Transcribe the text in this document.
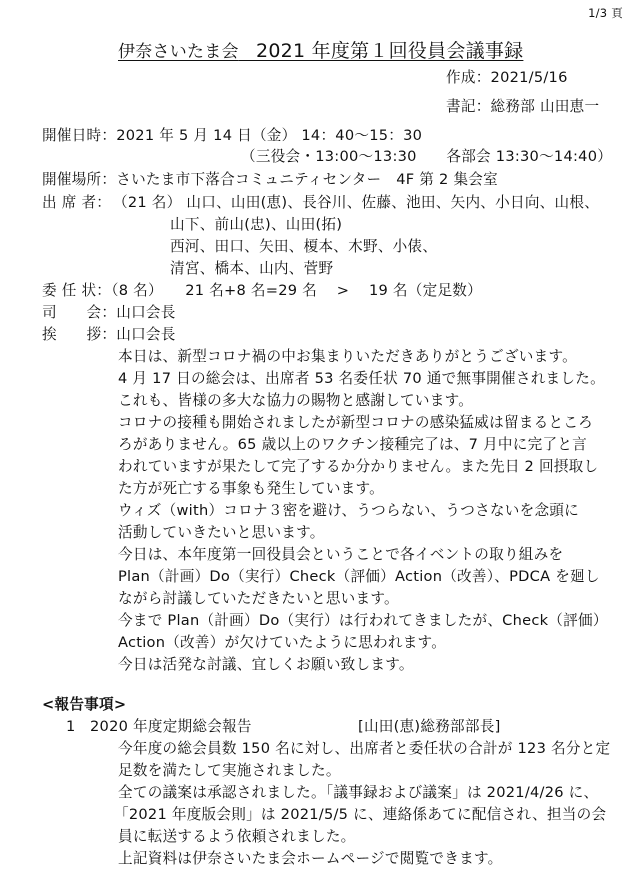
1/3 頁
伊奈さいたま会　 2021 年度第１回役員会議事録
作成：2021/5/16
書記：総務部 山田恵一
開催日時：2021 年 5 月 14 日（金） 14：40～15：30
（三役会・13:00～13:30　　各部会 13:30～14:40）
開催場所：さいたま市下落合コミュニティセンター　4F 第 2 集会室
出 席 者： （21 名） 山口、山田(恵)、長谷川、佐藤、池田、矢内、小日向、山根、
山下、前山(忠)、山田(拓)
西河、田口、矢田、榎本、木野、小俵、
清宮、橋本、山内、菅野
委 任 状：（8 名）　　21 名+8 名=29 名　 >　 19 名（定足数）
司　　会：山口会長
挨　　拶：山口会長
本日は、新型コロナ禍の中お集まりいただきありがとうございます。
4 月 17 日の総会は、出席者 53 名委任状 70 通で無事開催されました。
これも、皆様の多大な協力の賜物と感謝しています。
コロナの接種も開始されましたが新型コロナの感染猛威は留まるところ
ろがありません。65 歳以上のワクチン接種完了は、7 月中に完了と言
われていますが果たして完了するか分かりません。また先日 2 回摂取し
た方が死亡する事象も発生しています。
ウィズ（with）コロナ３密を避け、うつらない、うつさないを念頭に
活動していきたいと思います。
今日は、本年度第一回役員会ということで各イベントの取り組みを
Plan（計画）Do（実行）Check（評価）Action（改善）、PDCA を廻し
ながら討議していただきたいと思います。
今まで Plan（計画）Do（実行）は行われてきましたが、Check（評価）
Action（改善）が欠けていたように思われます。
今日は活発な討議、宜しくお願い致します。
<報告事項>
1 2020 年度定期総会報告	[山田(恵)総務部部長]
今年度の総会員数 150 名に対し、出席者と委任状の合計が 123 名分と定
足数を満たして実施されました。
全ての議案は承認されました。「議事録および議案」は 2021/4/26 に、
「2021 年度版会則」は 2021/5/5 に、連絡係あてに配信され、担当の会
員に転送するよう依頼されました。
上記資料は伊奈さいたま会ホームページで閲覧できます。
